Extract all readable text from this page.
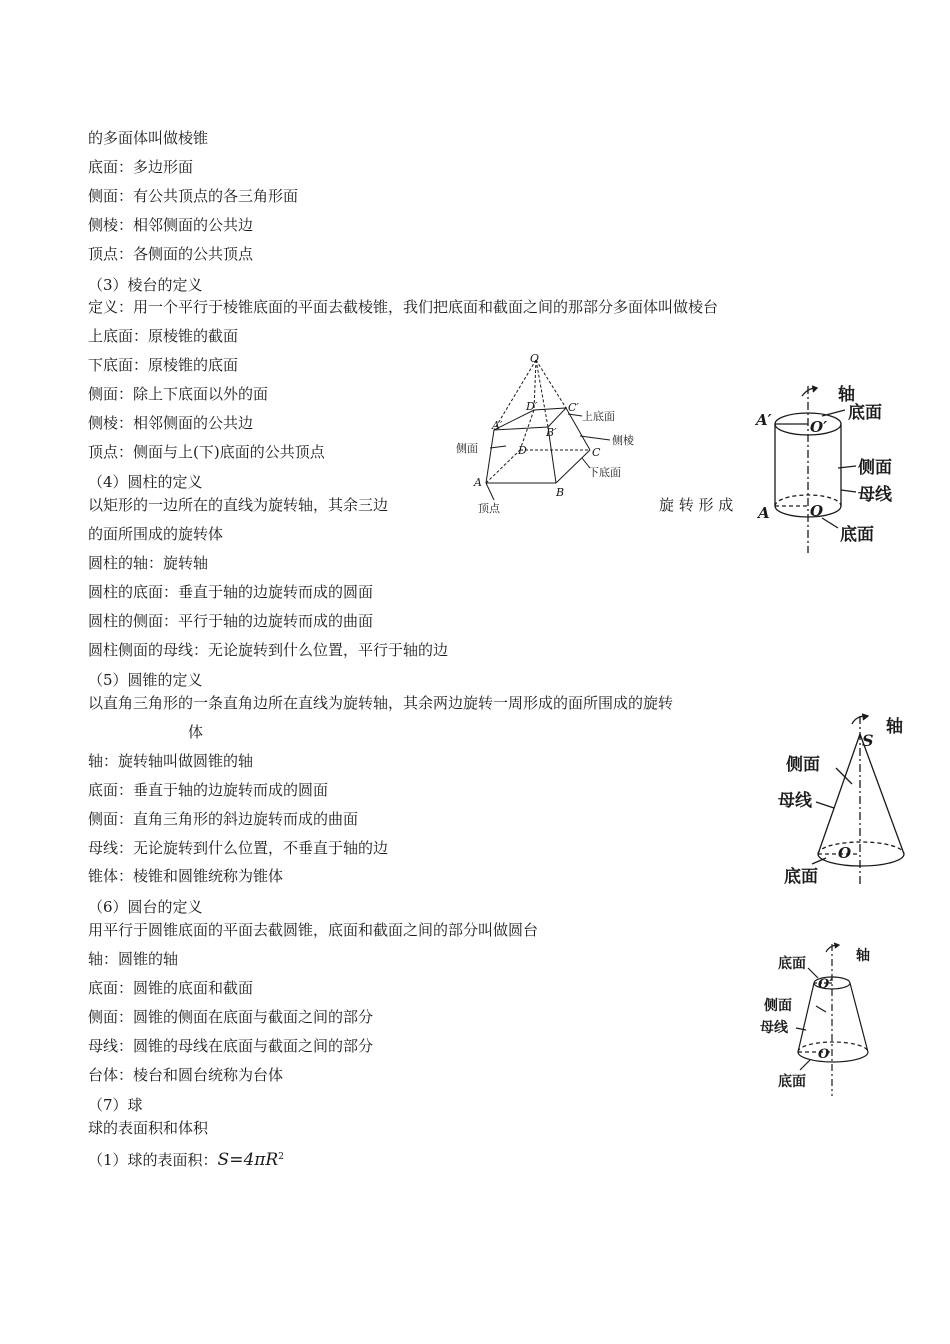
的多面体叫做棱锥
底面：多边形面
侧面：有公共顶点的各三角形面
侧棱：相邻侧面的公共边
顶点：各侧面的公共顶点
（3）棱台的定义
定义：用一个平行于棱锥底面的平面去截棱锥，我们把底面和截面之间的那部分多面体叫做棱台
上底面：原棱锥的截面
下底面：原棱锥的底面
侧面：除上下底面以外的面
侧棱：相邻侧面的公共边
顶点：侧面与上(下)底面的公共顶点
（4）圆柱的定义
以矩形的一边所在的直线为旋转轴，其余三边	旋 转 形 成
的面所围成的旋转体
圆柱的轴：旋转轴
圆柱的底面：垂直于轴的边旋转而成的圆面
圆柱的侧面：平行于轴的边旋转而成的曲面
圆柱侧面的母线：无论旋转到什么位置，平行于轴的边
（5）圆锥的定义
以直角三角形的一条直角边所在直线为旋转轴，其余两边旋转一周形成的面所围成的旋转
体
轴：旋转轴叫做圆锥的轴
底面：垂直于轴的边旋转而成的圆面
侧面：直角三角形的斜边旋转而成的曲面
母线：无论旋转到什么位置，不垂直于轴的边
锥体：棱锥和圆锥统称为锥体
（6）圆台的定义
用平行于圆锥底面的平面去截圆锥，底面和截面之间的部分叫做圆台
轴：圆锥的轴
底面：圆锥的底面和截面
侧面：圆锥的侧面在底面与截面之间的部分
母线：圆锥的母线在底面与截面之间的部分
台体：棱台和圆台统称为台体
（7）球
球的表面积和体积
（1）球的表面积：$S=4\pi R^2$
O
D′	C′
A′
B′
D	C
A
B
上底面
侧棱
下底面
侧面
顶点
轴
底面
A′	O′
侧面
母线
A	O
底面
轴
S
侧面
母线
O
底面
轴
底面
O′
侧面
母线
O
底面
